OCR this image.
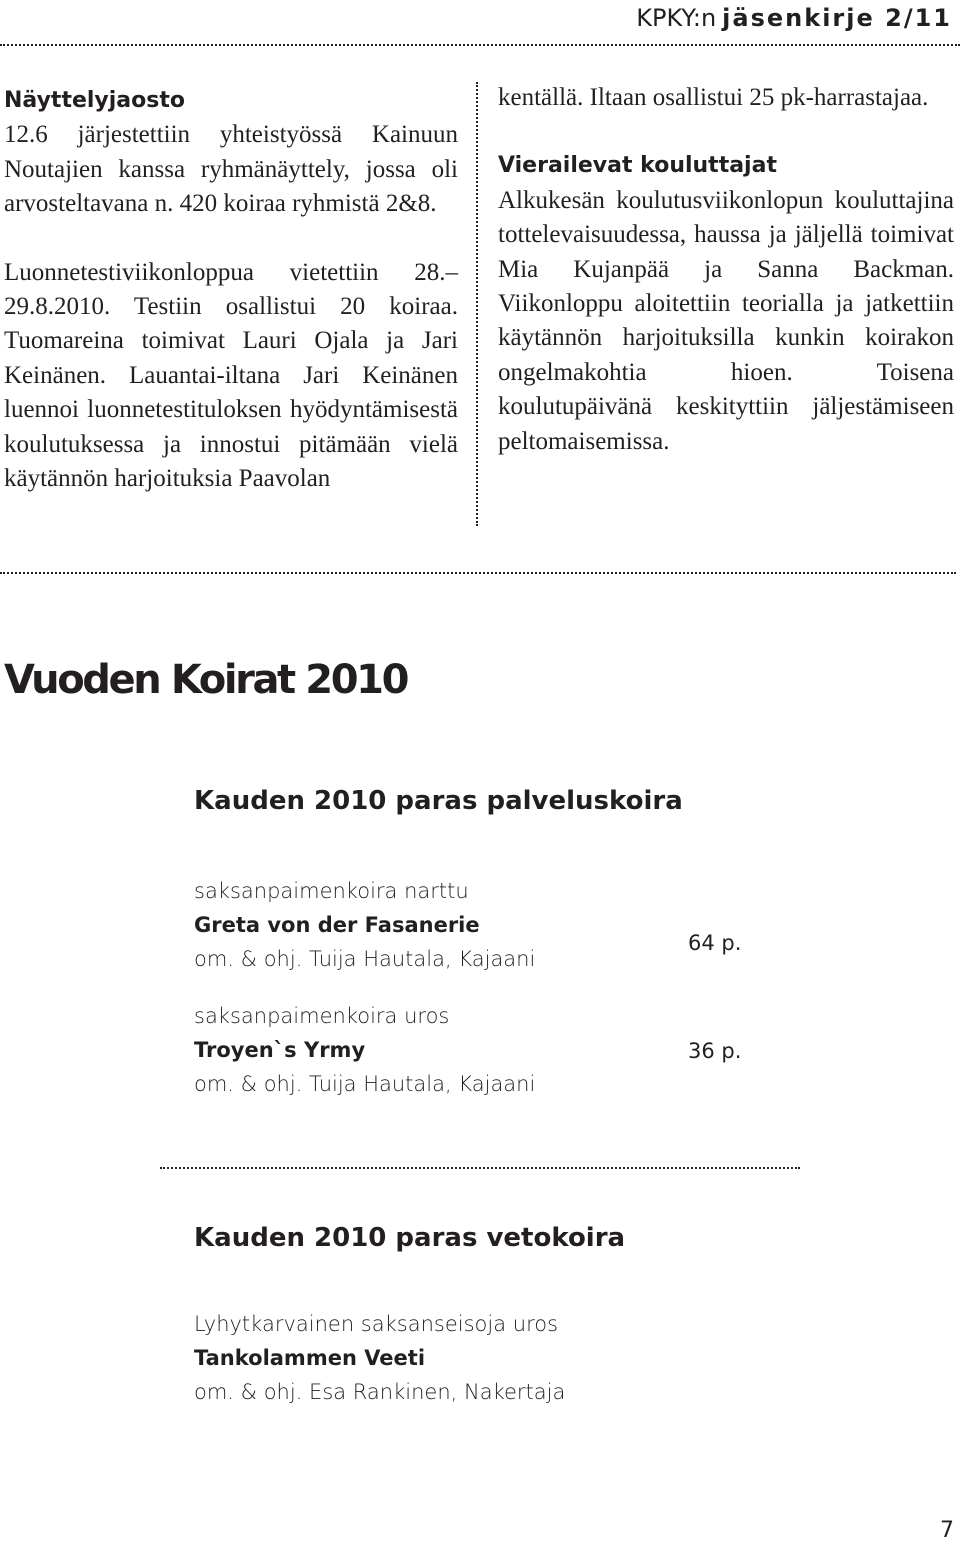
KPKY:n jäsenkirje 2/11

Näyttelyjaosto

12.6 järjestettiin yhteistyössä Kainuun Noutajien kanssa ryhmänäyttely, jossa oli arvosteltavana n. 420 koiraa ryhmistä 2&8.

Luonnetestiviikonloppua vietettiin 28.– 29.8.2010. Testiin osallistui 20 koiraa. Tuomareina toimivat Lauri Ojala ja Jari Keinänen. Lauantai-iltana Jari Keinänen luennoi luonnetestituloksen hyödyntämisestä koulutuksessa ja innostui pitämään vielä käytännön harjoituksia Paavolan

kentällä. Iltaan osallistui 25 pk-harrastajaa.

Vierailevat kouluttajat

Alkukesän koulutusviikonlopun kouluttajina tottelevaisuudessa, haussa ja jäljellä toimivat Mia Kujanpää ja Sanna Backman. Viikonloppu aloitettiin teorialla ja jatkettiin käytännön harjoituksilla kunkin koirakon ongelmakohtia hioen. Toisena koulutupäivänä keskityttiin jäljestämiseen peltomaisemissa.

Vuoden Koirat 2010
Kauden 2010 paras palveluskoira
saksanpaimenkoira narttu
Greta von der Fasanerie
om. & ohj. Tuija Hautala, Kajaani
64 p.
saksanpaimenkoira uros
Troyen`s Yrmy
om. & ohj. Tuija Hautala, Kajaani
36 p.
Kauden 2010 paras vetokoira
Lyhytkarvainen saksanseisoja uros
Tankolammen Veeti
om. & ohj. Esa Rankinen, Nakertaja
7
